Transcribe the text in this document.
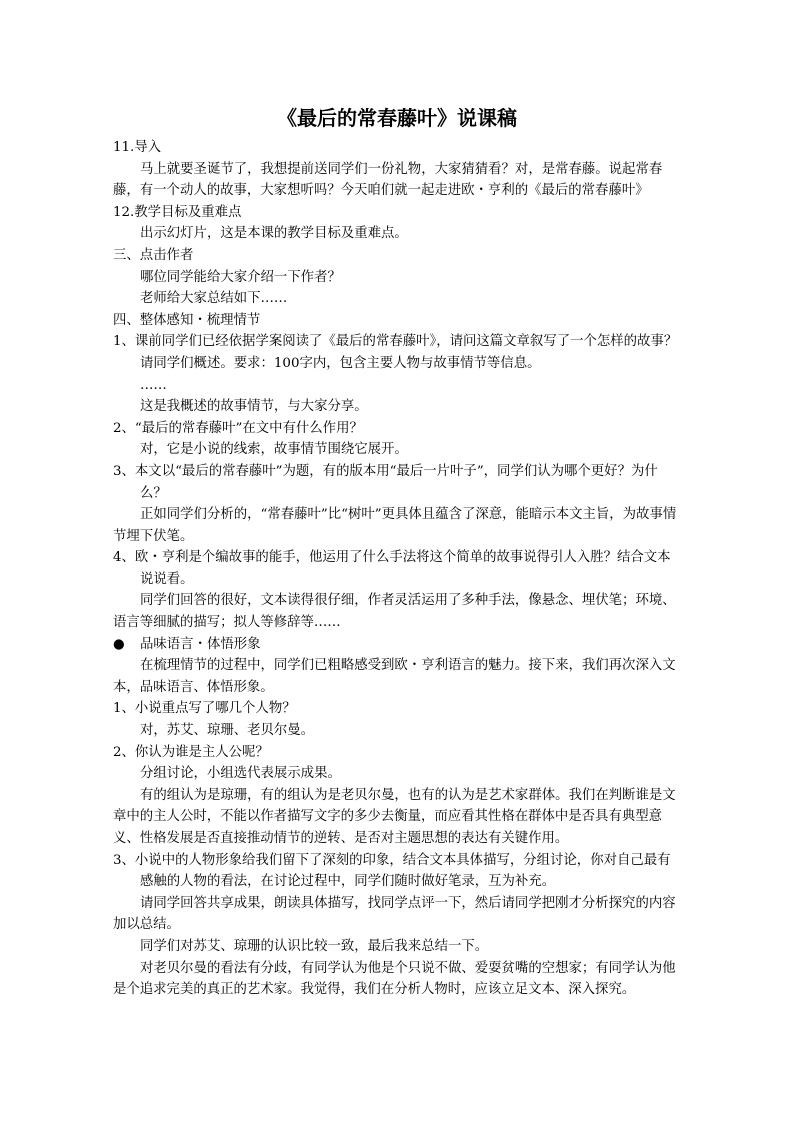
《最后的常春藤叶》说课稿

11.导入

马上就要圣诞节了，我想提前送同学们一份礼物，大家猜猜看？对，是常春藤。说起常春藤，有一个动人的故事，大家想听吗？今天咱们就一起走进欧・亨利的《最后的常春藤叶》

12.教学目标及重难点

出示幻灯片，这是本课的教学目标及重难点。

三、点击作者

哪位同学能给大家介绍一下作者？

老师给大家总结如下……

四、整体感知・梳理情节

1、课前同学们已经依据学案阅读了《最后的常春藤叶》，请问这篇文章叙写了一个怎样的故事？

请同学们概述。要求：100字内，包含主要人物与故事情节等信息。

……

这是我概述的故事情节，与大家分享。

2、“最后的常春藤叶”在文中有什么作用？

对，它是小说的线索，故事情节围绕它展开。

3、本文以“最后的常春藤叶”为题，有的版本用“最后一片叶子”，同学们认为哪个更好？为什么？

正如同学们分析的，“常春藤叶”比“树叶”更具体且蕴含了深意，能暗示本文主旨，为故事情节埋下伏笔。

4、欧・亨利是个编故事的能手，他运用了什么手法将这个简单的故事说得引人入胜？结合文本说说看。

同学们回答的很好，文本读得很仔细，作者灵活运用了多种手法，像悬念、埋伏笔；环境、语言等细腻的描写；拟人等修辞等……

●	品味语言・体悟形象

在梳理情节的过程中，同学们已粗略感受到欧・亨利语言的魅力。接下来，我们再次深入文本，品味语言、体悟形象。

1、小说重点写了哪几个人物？

对，苏艾、琼珊、老贝尔曼。

2、你认为谁是主人公呢？

分组讨论，小组选代表展示成果。

有的组认为是琼珊，有的组认为是老贝尔曼，也有的认为是艺术家群体。我们在判断谁是文章中的主人公时，不能以作者描写文字的多少去衡量，而应看其性格在群体中是否具有典型意义、性格发展是否直接推动情节的逆转、是否对主题思想的表达有关键作用。

3、小说中的人物形象给我们留下了深刻的印象，结合文本具体描写，分组讨论，你对自己最有感触的人物的看法，在讨论过程中，同学们随时做好笔录，互为补充。

请同学回答共享成果，朗读具体描写，找同学点评一下，然后请同学把刚才分析探究的内容加以总结。

同学们对苏艾、琼珊的认识比较一致，最后我来总结一下。

对老贝尔曼的看法有分歧，有同学认为他是个只说不做、爱耍贫嘴的空想家；有同学认为他是个追求完美的真正的艺术家。我觉得，我们在分析人物时，应该立足文本、深入探究。
